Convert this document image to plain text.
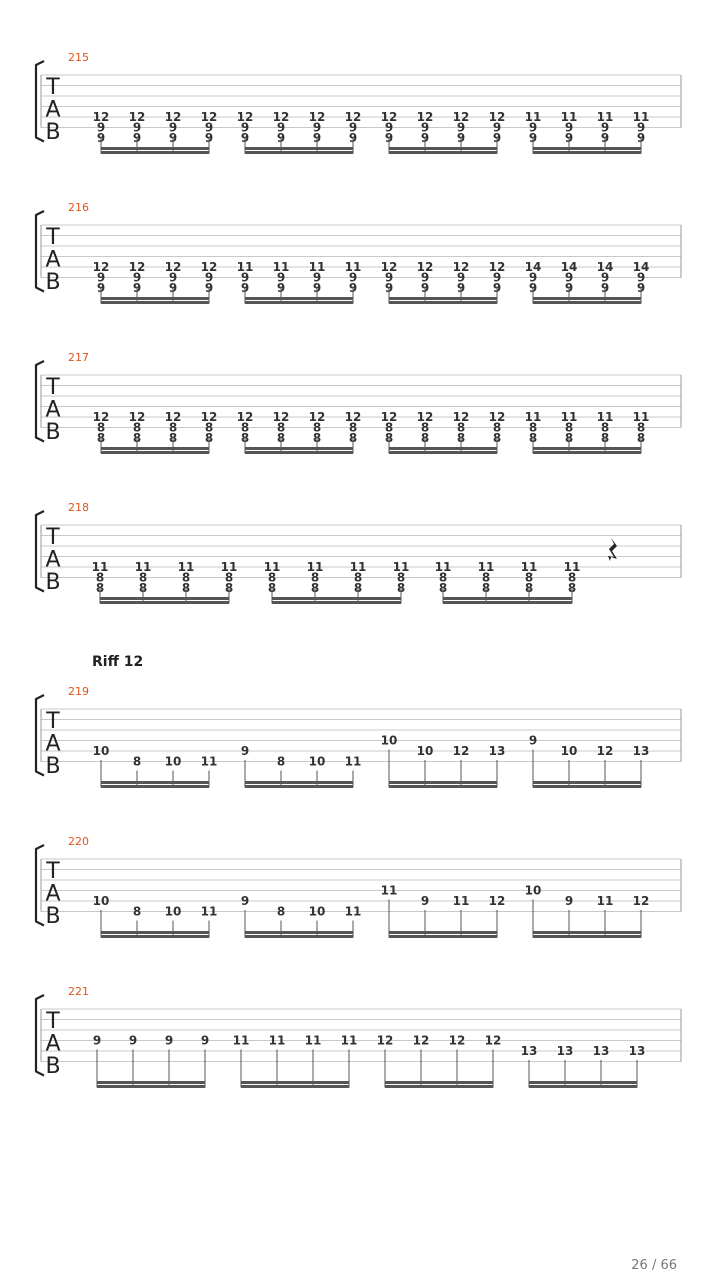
215
216
217
218
219
Riff 12
220
221
T
A
B
12
9
9
12
9
9
12
9
9
12
9
9
12
9
9
12
9
9
12
9
9
12
9
9
12
9
9
12
9
9
12
9
9
12
9
9
11
9
9
11
9
9
11
9
9
11
9
9
T
A
B
12
9
9
12
9
9
12
9
9
12
9
9
11
9
9
11
9
9
11
9
9
11
9
9
12
9
9
12
9
9
12
9
9
12
9
9
14
9
9
14
9
9
14
9
9
14
9
9
T
A
B
12
8
8
12
8
8
12
8
8
12
8
8
12
8
8
12
8
8
12
8
8
12
8
8
12
8
8
12
8
8
12
8
8
12
8
8
11
8
8
11
8
8
11
8
8
11
8
8
T
A
B
11
8
8
11
8
8
11
8
8
11
8
8
11
8
8
11
8
8
11
8
8
11
8
8
11
8
8
11
8
8
11
8
8
11
8
8
T
A
B
10
8 10 11
9
8 10 11
10
10 12 13
9
10 12 13
T
A
B
10
8 10 11
9
8 10 11
11
9 11 12
10
9 11 12
T
A
B
9 9 9 9 11 11 11 11 12 12 12 12
13 13 13 13
26 / 66
